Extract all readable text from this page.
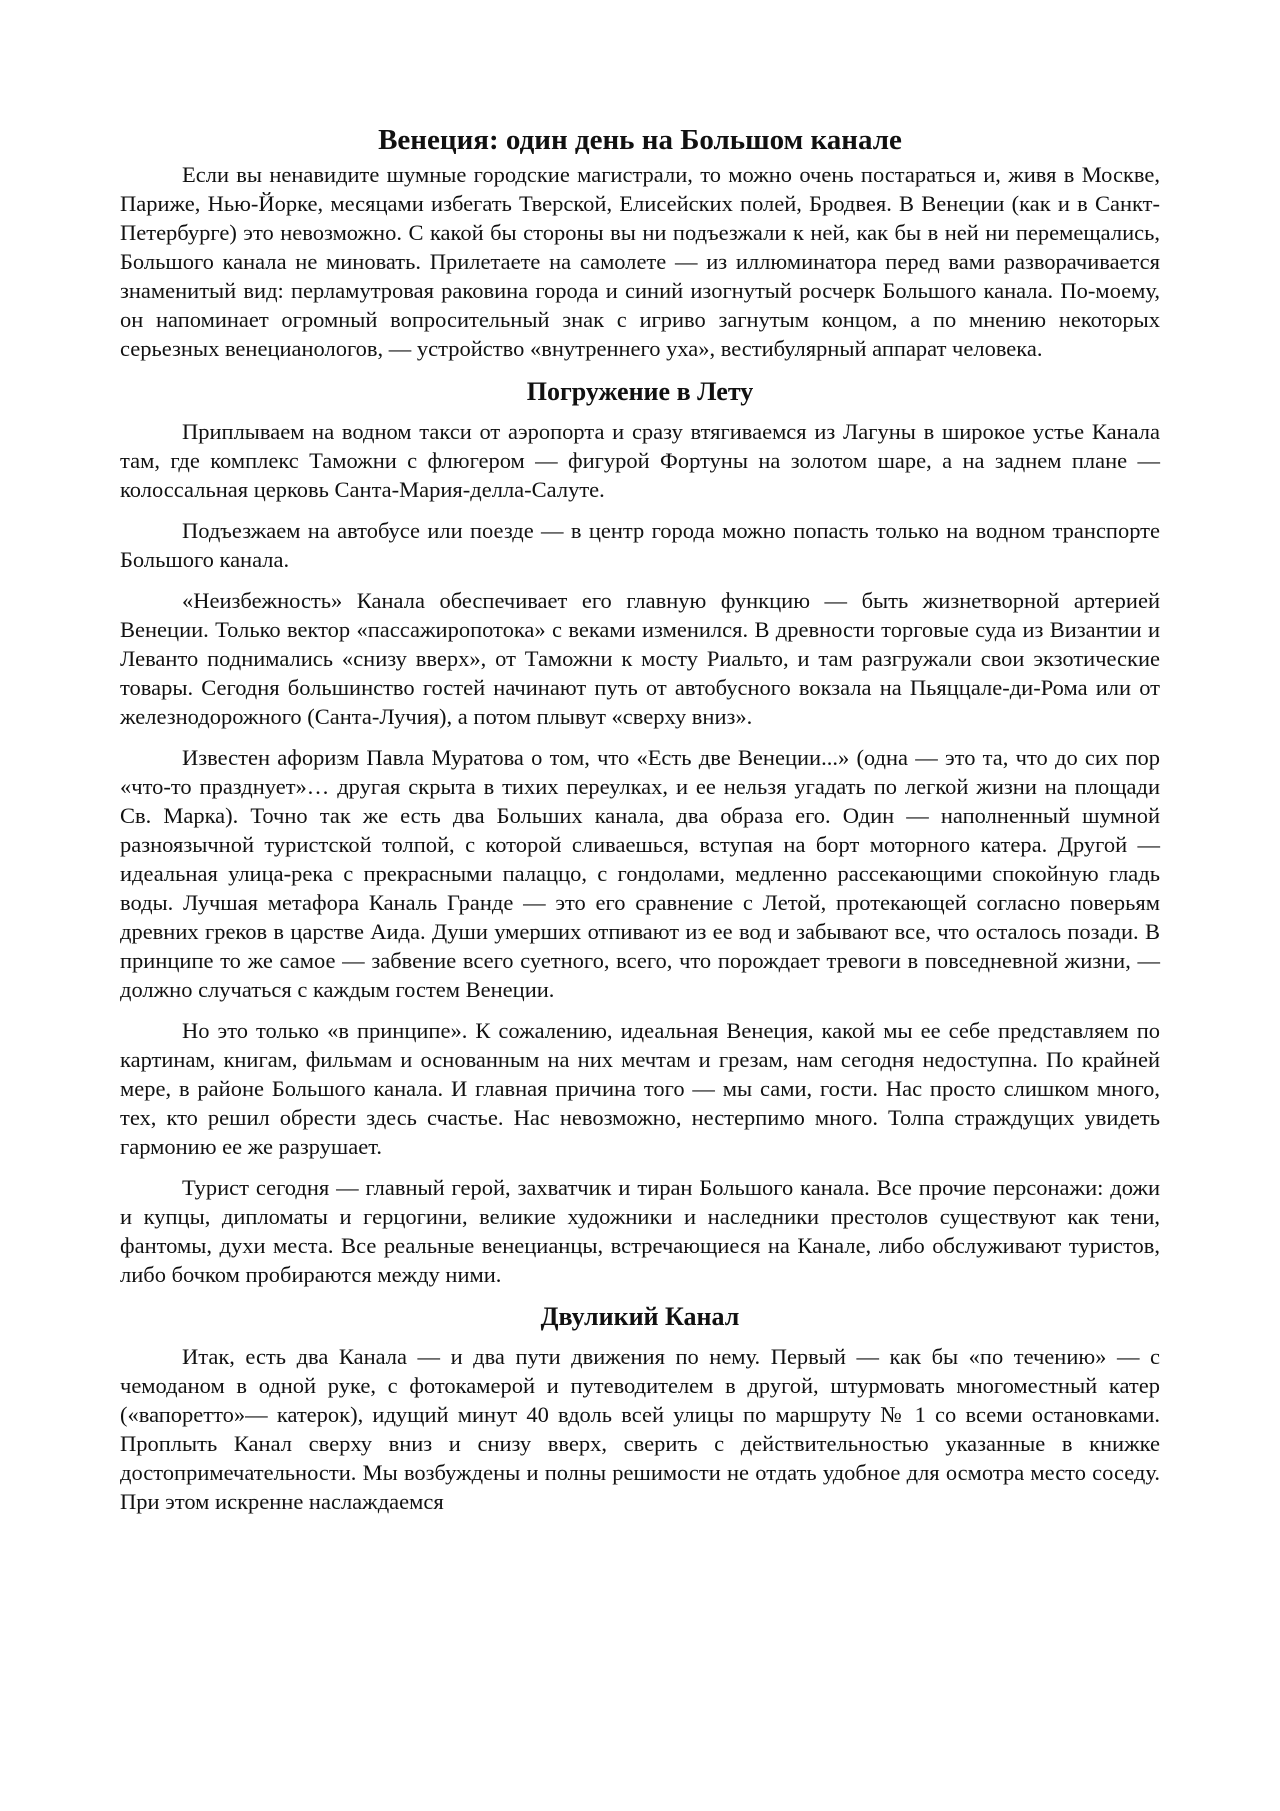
Венеция: один день на Большом канале

Если вы ненавидите шумные городские магистрали, то можно очень постараться и, живя в Москве, Париже, Нью-Йорке, месяцами избегать Тверской, Елисейских полей, Бродвея. В Венеции (как и в Санкт-Петербурге) это невозможно. С какой бы стороны вы ни подъезжали к ней, как бы в ней ни перемещались, Большого канала не миновать. Прилетаете на самолете — из иллюминатора перед вами разворачивается знаменитый вид: перламутровая раковина города и синий изогнутый росчерк Большого канала. По-моему, он напоминает огромный вопросительный знак с игриво загнутым концом, а по мнению некоторых серьезных венецианологов, — устройство «внутреннего уха», вестибулярный аппарат человека.

Погружение в Лету

Приплываем на водном такси от аэропорта и сразу втягиваемся из Лагуны в широкое устье Канала там, где комплекс Таможни с флюгером — фигурой Фортуны на золотом шаре, а на заднем плане — колоссальная церковь Санта-Мария-делла-Салуте.

Подъезжаем на автобусе или поезде — в центр города можно попасть только на водном транспорте Большого канала.

«Неизбежность» Канала обеспечивает его главную функцию — быть жизнетворной артерией Венеции. Только вектор «пассажиропотока» с веками изменился. В древности торговые суда из Византии и Леванто поднимались «снизу вверх», от Таможни к мосту Риальто, и там разгружали свои экзотические товары. Сегодня большинство гостей начинают путь от автобусного вокзала на Пьяццале-ди-Рома или от железнодорожного (Санта-Лучия), а потом плывут «сверху вниз».

Известен афоризм Павла Муратова о том, что «Есть две Венеции...» (одна — это та, что до сих пор «что-то празднует»… другая скрыта в тихих переулках, и ее нельзя угадать по легкой жизни на площади Св. Марка). Точно так же есть два Больших канала, два образа его. Один — наполненный шумной разноязычной туристской толпой, с которой сливаешься, вступая на борт моторного катера. Другой — идеальная улица-река с прекрасными палаццо, с гондолами, медленно рассекающими спокойную гладь воды. Лучшая метафора Каналь Гранде — это его сравнение с Летой, протекающей согласно поверьям древних греков в царстве Аида. Души умерших отпивают из ее вод и забывают все, что осталось позади. В принципе то же самое — забвение всего суетного, всего, что порождает тревоги в повседневной жизни, — должно случаться с каждым гостем Венеции.

Но это только «в принципе». К сожалению, идеальная Венеция, какой мы ее себе представляем по картинам, книгам, фильмам и основанным на них мечтам и грезам, нам сегодня недоступна. По крайней мере, в районе Большого канала. И главная причина того — мы сами, гости. Нас просто слишком много, тех, кто решил обрести здесь счастье. Нас невозможно, нестерпимо много. Толпа страждущих увидеть гармонию ее же разрушает.

Турист сегодня — главный герой, захватчик и тиран Большого канала. Все прочие персонажи: дожи и купцы, дипломаты и герцогини, великие художники и наследники престолов существуют как тени, фантомы, духи места. Все реальные венецианцы, встречающиеся на Канале, либо обслуживают туристов, либо бочком пробираются между ними.

Двуликий Канал

Итак, есть два Канала — и два пути движения по нему. Первый — как бы «по течению» — с чемоданом в одной руке, с фотокамерой и путеводителем в другой, штурмовать многоместный катер («вапоретто»— катерок), идущий минут 40 вдоль всей улицы по маршруту № 1 со всеми остановками. Проплыть Канал сверху вниз и снизу вверх, сверить с действительностью указанные в книжке достопримечательности. Мы возбуждены и полны решимости не отдать удобное для осмотра место соседу. При этом искренне наслаждаемся
